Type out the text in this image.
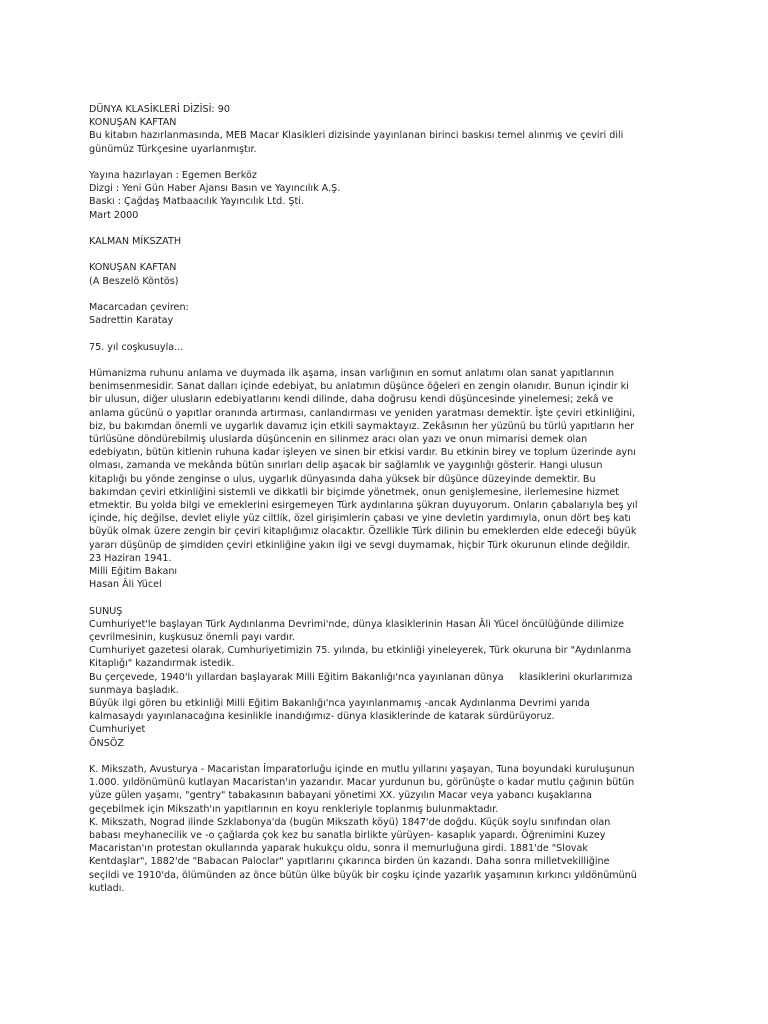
DÜNYA KLASİKLERİ DİZİSİ: 90

KONUŞAN KAFTAN

Bu kitabın hazırlanmasında, MEB Macar Klasikleri dizisinde yayınlanan birinci baskısı temel alınmış ve çeviri dili

günümüz Türkçesine uyarlanmıştır.

Yayına hazırlayan : Egemen Berköz

Dizgi : Yeni Gün Haber Ajansı Basın ve Yayıncılık A.Ş.

Baskı : Çağdaş Matbaacılık Yayıncılık Ltd. Şti.

Mart 2000

KALMAN MİKSZATH

KONUŞAN KAFTAN

(A Beszelö Köntös)

Macarcadan çeviren:

Sadrettin Karatay

75. yıl coşkusuyla...

Hümanizma ruhunu anlama ve duymada ilk aşama, insan varlığının en somut anlatımı olan sanat yapıtlarının

benimsenmesidir. Sanat dalları içinde edebiyat, bu anlatımın düşünce öğeleri en zengin olanıdır. Bunun içindir ki

bir ulusun, diğer ulusların edebiyatlarını kendi dilinde, daha doğrusu kendi düşüncesinde yinelemesi; zekâ ve

anlama gücünü o yapıtlar oranında artırması, canlandırması ve yeniden yaratması demektir. İşte çeviri etkinliğini,

biz, bu bakımdan önemli ve uygarlık davamız için etkili saymaktayız. Zekâsının her yüzünü bu türlü yapıtların her

türlüsüne döndürebilmiş uluslarda düşüncenin en silinmez aracı olan yazı ve onun mimarisi demek olan

edebiyatın, bütün kitlenin ruhuna kadar işleyen ve sinen bir etkisi vardır. Bu etkinin birey ve toplum üzerinde aynı

olması, zamanda ve mekânda bütün sınırları delip aşacak bir sağlamlık ve yaygınlığı gösterir. Hangi ulusun

kitaplığı bu yönde zenginse o ulus, uygarlık dünyasında daha yüksek bir düşünce düzeyinde demektir. Bu

bakımdan çeviri etkinliğini sistemli ve dikkatli bir biçimde yönetmek, onun genişlemesine, ilerlemesine hizmet

etmektir. Bu yolda bilgi ve emeklerini esirgemeyen Türk aydınlarına şükran duyuyorum. Onların çabalarıyla beş yıl

içinde, hiç değilse, devlet eliyle yüz ciltlik, özel girişimlerin çabası ve yine devletin yardımıyla, onun dört beş katı

büyük olmak üzere zengin bir çeviri kitaplığımız olacaktır. Özellikle Türk dilinin bu emeklerden elde edeceği büyük

yararı düşünüp de şimdiden çeviri etkinliğine yakın ilgi ve sevgi duymamak, hiçbir Türk okurunun elinde değildir.

23 Haziran 1941.

Milli Eğitim Bakanı

Hasan Âli Yücel

SUNUŞ

Cumhuriyet'le başlayan Türk Aydınlanma Devrimi'nde, dünya klasiklerinin Hasan Âli Yücel öncülüğünde dilimize

çevrilmesinin, kuşkusuz önemli payı vardır.

Cumhuriyet gazetesi olarak, Cumhuriyetimizin 75. yılında, bu etkinliği yineleyerek, Türk okuruna bir "Aydınlanma

Kitaplığı" kazandırmak istedik.

Bu çerçevede, 1940'lı yıllardan başlayarak Milli Eğitim Bakanlığı'nca yayınlanan dünya     klasiklerini okurlarımıza

sunmaya başladık.

Büyük ilgi gören bu etkinliği Milli Eğitim Bakanlığı'nca yayınlanmamış -ancak Aydınlanma Devrimi yarıda

kalmasaydı yayınlanacağına kesinlikle inandığımız- dünya klasiklerinde de katarak sürdürüyoruz.

Cumhuriyet

ÖNSÖZ

K. Mikszath, Avusturya - Macaristan İmparatorluğu içinde en mutlu yıllarını yaşayan, Tuna boyundaki kuruluşunun

1.000. yıldönümünü kutlayan Macaristan'ın yazarıdır. Macar yurdunun bu, görünüşte o kadar mutlu çağının bütün

yüze gülen yaşamı, "gentry" tabakasının babayani yönetimi XX. yüzyılın Macar veya yabancı kuşaklarına

geçebilmek için Mikszath'ın yapıtlarının en koyu renkleriyle toplanmış bulunmaktadır.

K. Mikszath, Nograd ilinde Szklabonya'da (bugün Mikszath köyü) 1847'de doğdu. Küçük soylu sınıfından olan

babası meyhanecilik ve -o çağlarda çok kez bu sanatla birlikte yürüyen- kasaplık yapardı. Öğrenimini Kuzey

Macaristan'ın protestan okullarında yaparak hukukçu oldu, sonra il memurluğuna girdi. 1881'de "Slovak

Kentdaşlar", 1882'de "Babacan Paloclar" yapıtlarını çıkarınca birden ün kazandı. Daha sonra milletvekilliğine

seçildi ve 1910'da, ölümünden az önce bütün ülke büyük bir coşku içinde yazarlık yaşamının kırkıncı yıldönümünü

kutladı.
